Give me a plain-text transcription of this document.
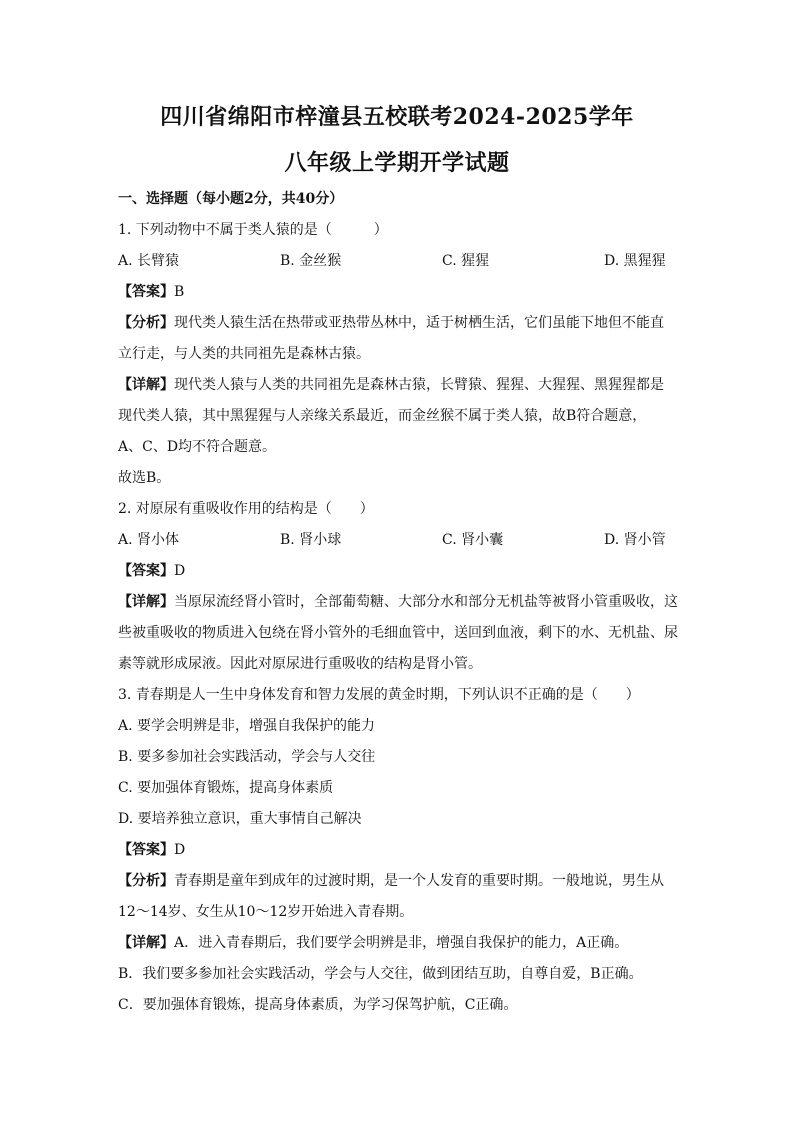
四川省绵阳市梓潼县五校联考2024-2025学年
八年级上学期开学试题
一、选择题（每小题2分，共40分）
1. 下列动物中不属于类人猿的是（　　　）
A. 长臂猿	B. 金丝猴	C. 猩猩	D. 黑猩猩
【答案】B
【分析】现代类人猿生活在热带或亚热带丛林中，适于树栖生活，它们虽能下地但不能直
立行走，与人类的共同祖先是森林古猿。
【详解】现代类人猿与人类的共同祖先是森林古猿，长臂猿、猩猩、大猩猩、黑猩猩都是
现代类人猿，其中黑猩猩与人亲缘关系最近，而金丝猴不属于类人猿，故B符合题意，
A、C、D均不符合题意。
故选B。
2. 对原尿有重吸收作用的结构是（　　）
A. 肾小体	B. 肾小球	C. 肾小囊	D. 肾小管
【答案】D
【详解】当原尿流经肾小管时，全部葡萄糖、大部分水和部分无机盐等被肾小管重吸收，这
些被重吸收的物质进入包绕在肾小管外的毛细血管中，送回到血液，剩下的水、无机盐、尿
素等就形成尿液。因此对原尿进行重吸收的结构是肾小管。
3. 青春期是人一生中身体发育和智力发展的黄金时期，下列认识不正确的是（　　）
A. 要学会明辨是非，增强自我保护的能力
B. 要多参加社会实践活动，学会与人交往
C. 要加强体育锻炼，提高身体素质
D. 要培养独立意识，重大事情自己解决
【答案】D
【分析】青春期是童年到成年的过渡时期，是一个人发育的重要时期。一般地说，男生从
12～14岁、女生从10～12岁开始进入青春期。
【详解】A．进入青春期后，我们要学会明辨是非，增强自我保护的能力，A正确。
B．我们要多参加社会实践活动，学会与人交往，做到团结互助，自尊自爱，B正确。
C．要加强体育锻炼，提高身体素质，为学习保驾护航，C正确。
